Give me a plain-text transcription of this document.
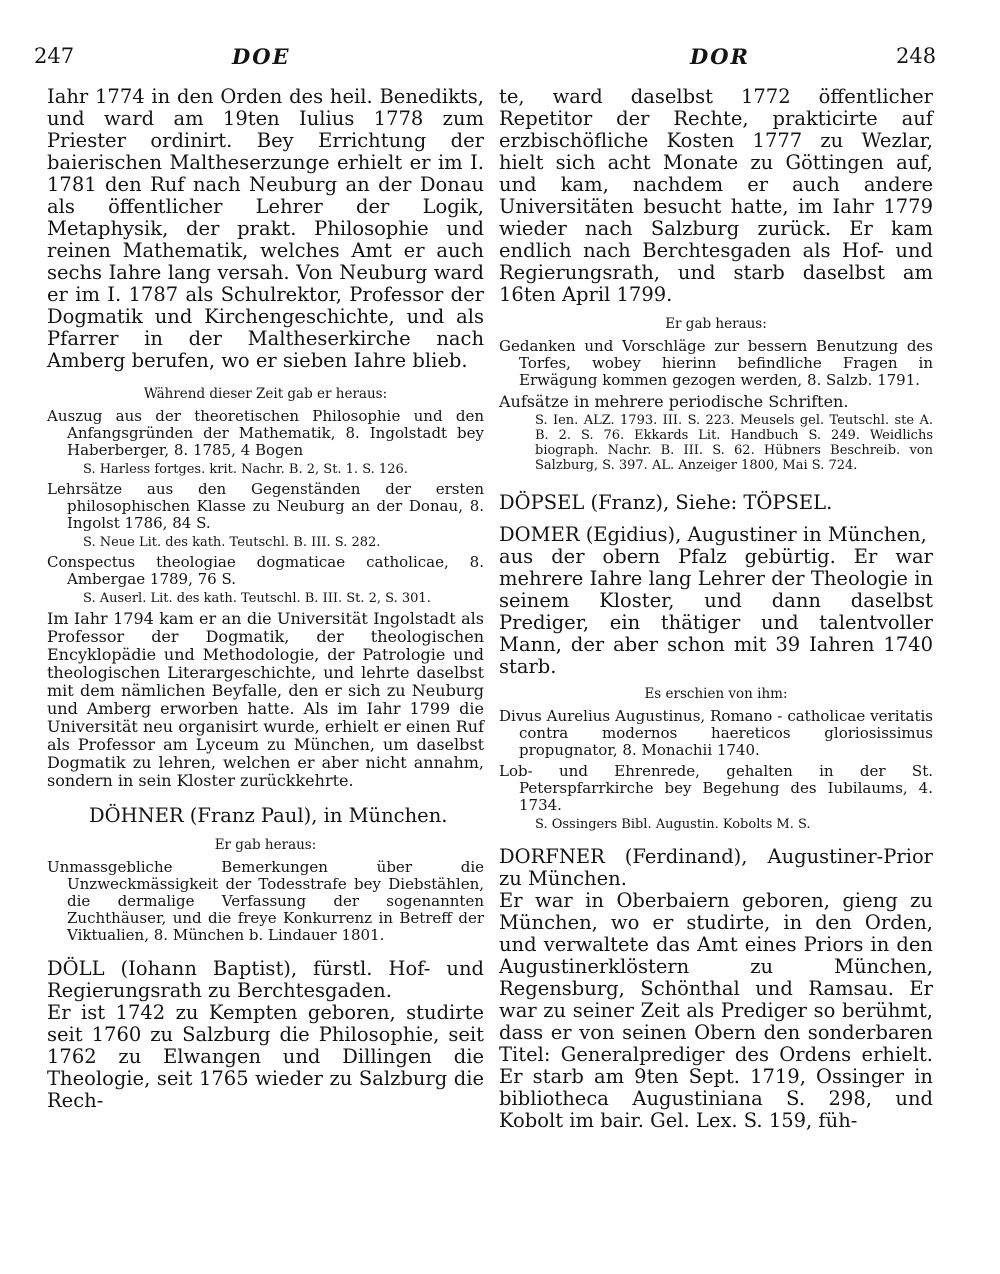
247	DOE	DOR	248

Iahr 1774 in den Orden des heil. Benedikts, und ward am 19ten Iulius 1778 zum Priester ordinirt. Bey Errichtung der baierischen Maltheserzunge erhielt er im I. 1781 den Ruf nach Neuburg an der Donau als öffentlicher Lehrer der Logik, Metaphysik, der prakt. Philosophie und reinen Mathematik, welches Amt er auch sechs Iahre lang versah. Von Neuburg ward er im I. 1787 als Schulrektor, Professor der Dogmatik und Kirchengeschichte, und als Pfarrer in der Maltheserkirche nach Amberg berufen, wo er sieben Iahre blieb.

Während dieser Zeit gab er heraus:

Auszug aus der theoretischen Philosophie und den Anfangsgründen der Mathematik, 8. Ingolstadt bey Haberberger, 8. 1785, 4 Bogen

S. Harless fortges. krit. Nachr. B. 2, St. 1. S. 126.

Lehrsätze aus den Gegenständen der ersten philosophischen Klasse zu Neuburg an der Donau, 8. Ingolst 1786, 84 S.

S. Neue Lit. des kath. Teutschl. B. III. S. 282.

Conspectus theologiae dogmaticae catholicae, 8. Ambergae 1789, 76 S.

S. Auserl. Lit. des kath. Teutschl. B. III. St. 2, S. 301.

Im Iahr 1794 kam er an die Universität Ingolstadt als Professor der Dogmatik, der theologischen Encyklopädie und Methodologie, der Patrologie und theologischen Literargeschichte, und lehrte daselbst mit dem nämlichen Beyfalle, den er sich zu Neuburg und Amberg erworben hatte. Als im Iahr 1799 die Universität neu organisirt wurde, erhielt er einen Ruf als Professor am Lyceum zu München, um daselbst Dogmatik zu lehren, welchen er aber nicht annahm, sondern in sein Kloster zurückkehrte.

DÖHNER (Franz Paul), in München.

Er gab heraus:

Unmassgebliche Bemerkungen über die Unzweckmässigkeit der Todesstrafe bey Diebstählen, die dermalige Verfassung der sogenannten Zuchthäuser, und die freye Konkurrenz in Betreff der Viktualien, 8. München b. Lindauer 1801.

DÖLL (Iohann Baptist), fürstl. Hof- und Regierungsrath zu Berchtesgaden.

Er ist 1742 zu Kempten geboren, studirte seit 1760 zu Salzburg die Philosophie, seit 1762 zu Elwangen und Dillingen die Theologie, seit 1765 wieder zu Salzburg die Rech-

te, ward daselbst 1772 öffentlicher Repetitor der Rechte, prakticirte auf erzbischöfliche Kosten 1777 zu Wezlar, hielt sich acht Monate zu Göttingen auf, und kam, nachdem er auch andere Universitäten besucht hatte, im Iahr 1779 wieder nach Salzburg zurück. Er kam endlich nach Berchtesgaden als Hof- und Regierungsrath, und starb daselbst am 16ten April 1799.

Er gab heraus:

Gedanken und Vorschläge zur bessern Benutzung des Torfes, wobey hierinn befindliche Fragen in Erwägung kommen gezogen werden, 8. Salzb. 1791.

Aufsätze in mehrere periodische Schriften.

S. Ien. ALZ. 1793. III. S. 223. Meusels gel. Teutschl. ste A. B. 2. S. 76. Ekkards Lit. Handbuch S. 249. Weidlichs biograph. Nachr. B. III. S. 62. Hübners Beschreib. von Salzburg, S. 397. AL. Anzeiger 1800, Mai S. 724.

DÖPSEL (Franz), Siehe: TÖPSEL.

DOMER (Egidius), Augustiner in München,

aus der obern Pfalz gebürtig. Er war mehrere Iahre lang Lehrer der Theologie in seinem Kloster, und dann daselbst Prediger, ein thätiger und talentvoller Mann, der aber schon mit 39 Iahren 1740 starb.

Es erschien von ihm:

Divus Aurelius Augustinus, Romano - catholicae veritatis contra modernos haereticos gloriosissimus propugnator, 8. Monachii 1740.

Lob- und Ehrenrede, gehalten in der St. Peterspfarrkirche bey Begehung des Iubilaums, 4. 1734.

S. Ossingers Bibl. Augustin. Kobolts M. S.

DORFNER (Ferdinand), Augustiner-Prior zu München.

Er war in Oberbaiern geboren, gieng zu München, wo er studirte, in den Orden, und verwaltete das Amt eines Priors in den Augustinerklöstern zu München, Regensburg, Schönthal und Ramsau. Er war zu seiner Zeit als Prediger so berühmt, dass er von seinen Obern den sonderbaren Titel: Generalprediger des Ordens erhielt. Er starb am 9ten Sept. 1719, Ossinger in bibliotheca Augustiniana S. 298, und Kobolt im bair. Gel. Lex. S. 159, füh-
